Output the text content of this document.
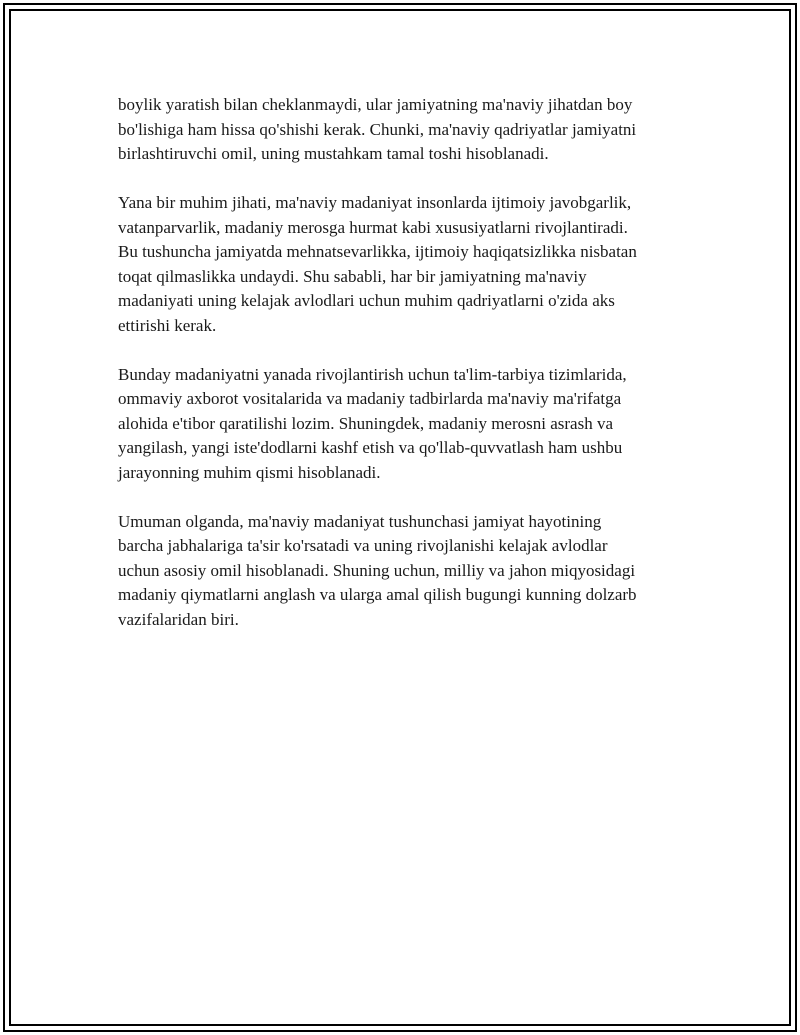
boylik yaratish bilan cheklanmaydi, ular jamiyatning ma'naviy jihatdan boy
bo'lishiga ham hissa qo'shishi kerak. Chunki, ma'naviy qadriyatlar jamiyatni
birlashtiruvchi omil, uning mustahkam tamal toshi hisoblanadi.

Yana bir muhim jihati, ma'naviy madaniyat insonlarda ijtimoiy javobgarlik,
vatanparvarlik, madaniy merosga hurmat kabi xususiyatlarni rivojlantiradi.
Bu tushuncha jamiyatda mehnatsevarlikka, ijtimoiy haqiqatsizlikka nisbatan
toqat qilmaslikka undaydi. Shu sababli, har bir jamiyatning ma'naviy
madaniyati uning kelajak avlodlari uchun muhim qadriyatlarni o'zida aks
ettirishi kerak.

Bunday madaniyatni yanada rivojlantirish uchun ta'lim-tarbiya tizimlarida,
ommaviy axborot vositalarida va madaniy tadbirlarda ma'naviy ma'rifatga
alohida e'tibor qaratilishi lozim. Shuningdek, madaniy merosni asrash va
yangilash, yangi iste'dodlarni kashf etish va qo'llab-quvvatlash ham ushbu
jarayonning muhim qismi hisoblanadi.

Umuman olganda, ma'naviy madaniyat tushunchasi jamiyat hayotining
barcha jabhalariga ta'sir ko'rsatadi va uning rivojlanishi kelajak avlodlar
uchun asosiy omil hisoblanadi. Shuning uchun, milliy va jahon miqyosidagi
madaniy qiymatlarni anglash va ularga amal qilish bugungi kunning dolzarb
vazifalaridan biri.
